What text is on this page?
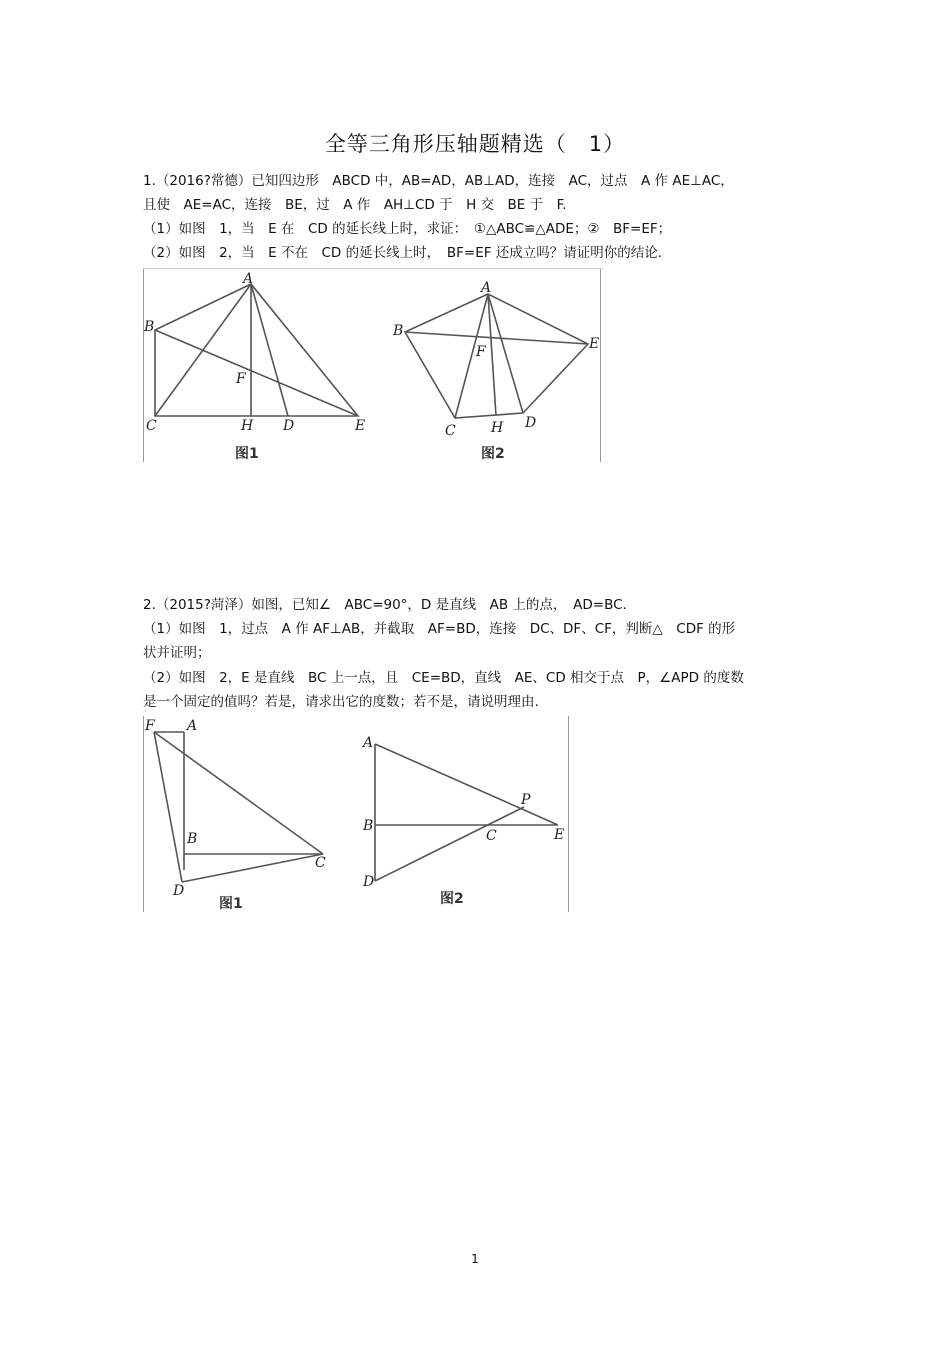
全等三角形压轴题精选（　1）
1.（2016?常德）已知四边形　ABCD 中，AB=AD，AB⊥AD，连接　AC，过点　A 作 AE⊥AC，
且使　AE=AC，连接　BE，过　A 作　AH⊥CD 于　H 交　BE 于　F.
（1）如图　1，当　E 在　CD 的延长线上时，求证：　①△ABC≌△ADE；②　BF=EF；
（2）如图　2，当　E 不在　CD 的延长线上时，　BF=EF 还成立吗？请证明你的结论.
A
B
C	D	E
F
H
图1
A
B
C	D
E
F
H
图2
2.（2015?菏泽）如图，已知∠　ABC=90°，D 是直线　AB 上的点，　AD=BC．
（1）如图　1，过点　A 作 AF⊥AB，并截取　AF=BD，连接　DC、DF、CF，判断△　CDF 的形
状并证明；
（2）如图　2，E 是直线　BC 上一点，且　CE=BD，直线　AE、CD 相交于点　P，∠APD 的度数
是一个固定的值吗？若是，请求出它的度数；若不是，请说明理由.
F A
B
C
D
图1
A
B
C
D
E
P
图2
1
